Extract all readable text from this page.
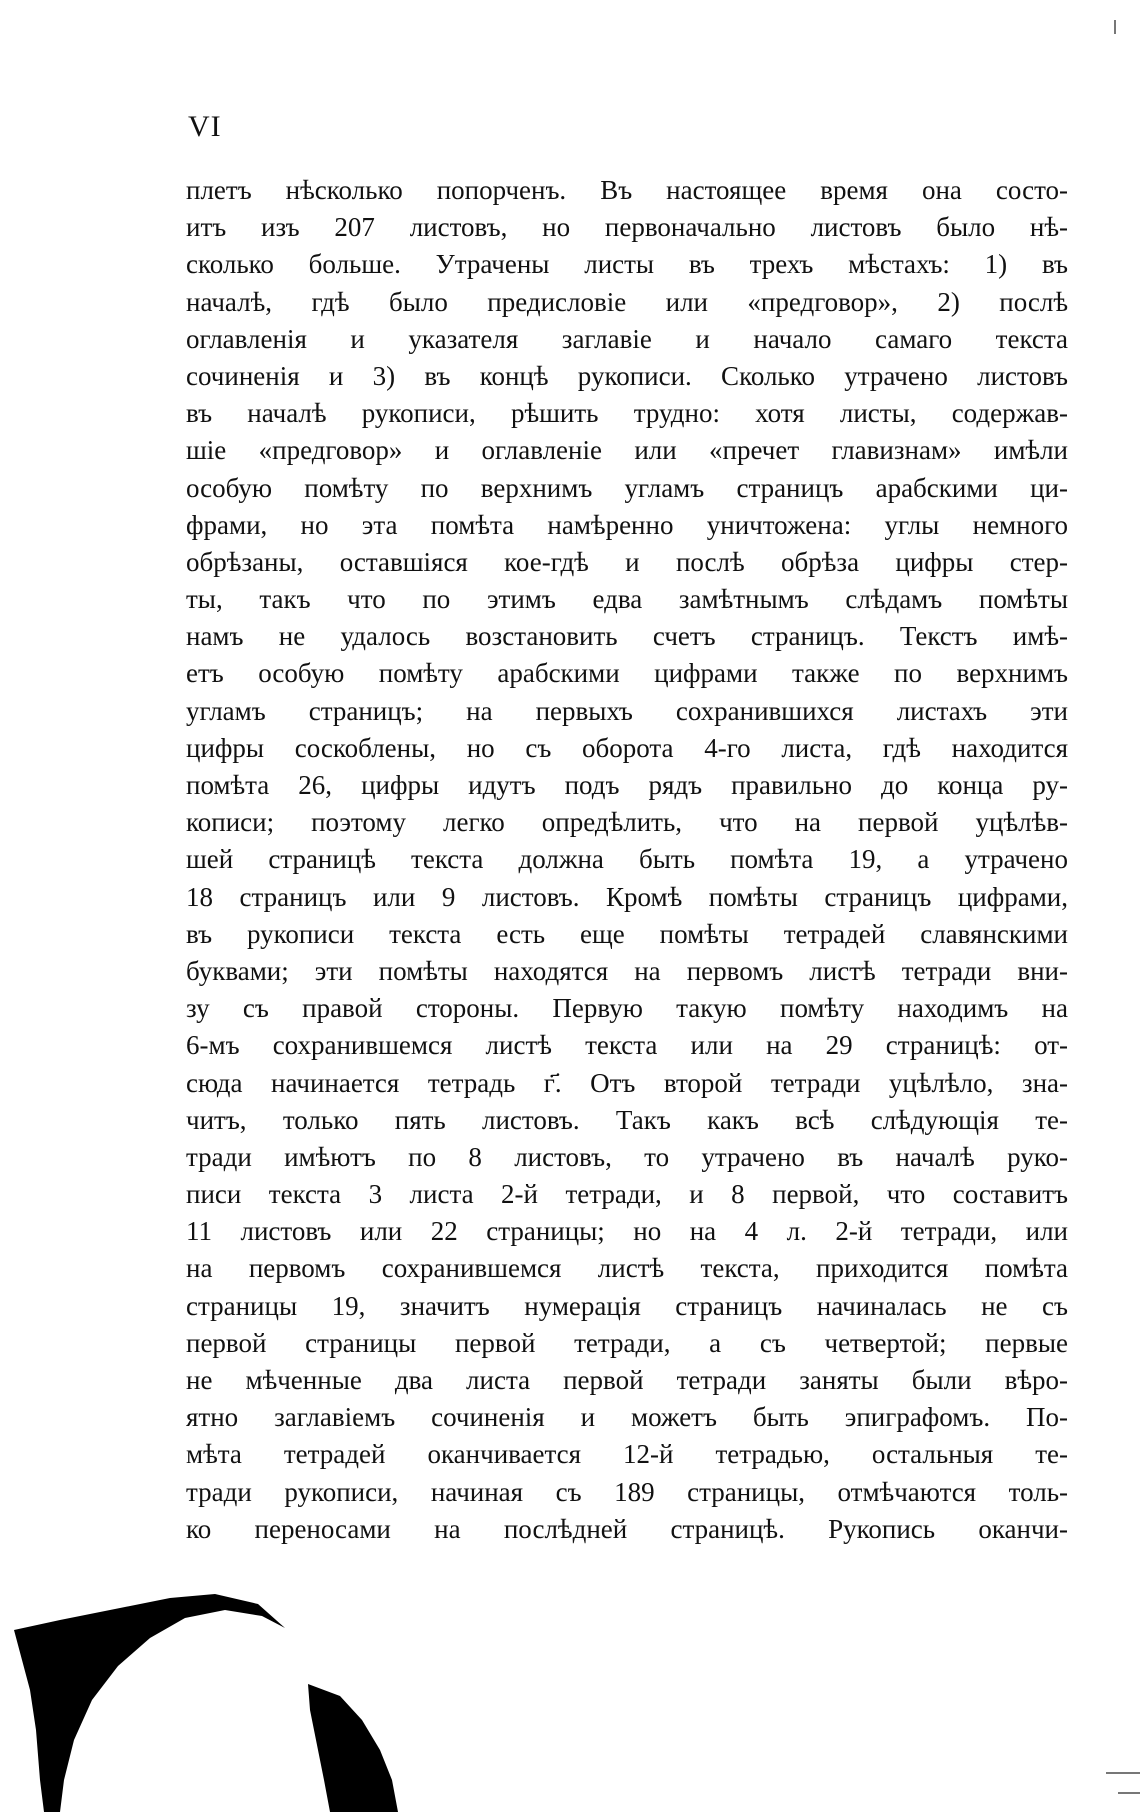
VI
плетъ нѣсколько попорченъ. Въ настоящее время она состо-
итъ изъ 207 листовъ, но первоначально листовъ было нѣ-
сколько больше. Утрачены листы въ трехъ мѣстахъ: 1) въ
началѣ, гдѣ было предисловіе или «предговор», 2) послѣ
оглавленія и указателя заглавіе и начало самаго текста
сочиненія и 3) въ концѣ рукописи. Сколько утрачено листовъ
въ началѣ рукописи, рѣшить трудно: хотя листы, содержав-
шіе «предговор» и оглавленіе или «пречет главизнам» имѣли
особую помѣту по верхнимъ угламъ страницъ арабскими ци-
фрами, но эта помѣта намѣренно уничтожена: углы немного
обрѣзаны, оставшіяся кое-гдѣ и послѣ обрѣза цифры стер-
ты, такъ что по этимъ едва замѣтнымъ слѣдамъ помѣты
намъ не удалось возстановить счетъ страницъ. Текстъ имѣ-
етъ особую помѣту арабскими цифрами также по верхнимъ
угламъ страницъ; на первыхъ сохранившихся листахъ эти
цифры соскоблены, но съ оборота 4-го листа, гдѣ находится
помѣта 26, цифры идутъ подъ рядъ правильно до конца ру-
кописи; поэтому легко опредѣлить, что на первой уцѣлѣв-
шей страницѣ текста должна быть помѣта 19, а утрачено
18 страницъ или 9 листовъ. Кромѣ помѣты страницъ цифрами,
въ рукописи текста есть еще помѣты тетрадей славянскими
буквами; эти помѣты находятся на первомъ листѣ тетради вни-
зу съ правой стороны. Первую такую помѣту находимъ на
6-мъ сохранившемся листѣ текста или на 29 страницѣ: от-
сюда начинается тетрадь г҃. Отъ второй тетради уцѣлѣло, зна-
читъ, только пять листовъ. Такъ какъ всѣ слѣдующія те-
тради имѣютъ по 8 листовъ, то утрачено въ началѣ руко-
писи текста 3 листа 2-й тетради, и 8 первой, что составитъ
11 листовъ или 22 страницы; но на 4 л. 2-й тетради, или
на первомъ сохранившемся листѣ текста, приходится помѣта
страницы 19, значитъ нумерація страницъ начиналась не съ
первой страницы первой тетради, а съ четвертой; первые
не мѣченные два листа первой тетради заняты были вѣро-
ятно заглавіемъ сочиненія и можетъ быть эпиграфомъ. По-
мѣта тетрадей оканчивается 12-й тетрадью, остальныя те-
тради рукописи, начиная съ 189 страницы, отмѣчаются толь-
ко переносами на послѣдней страницѣ. Рукопись оканчи-
